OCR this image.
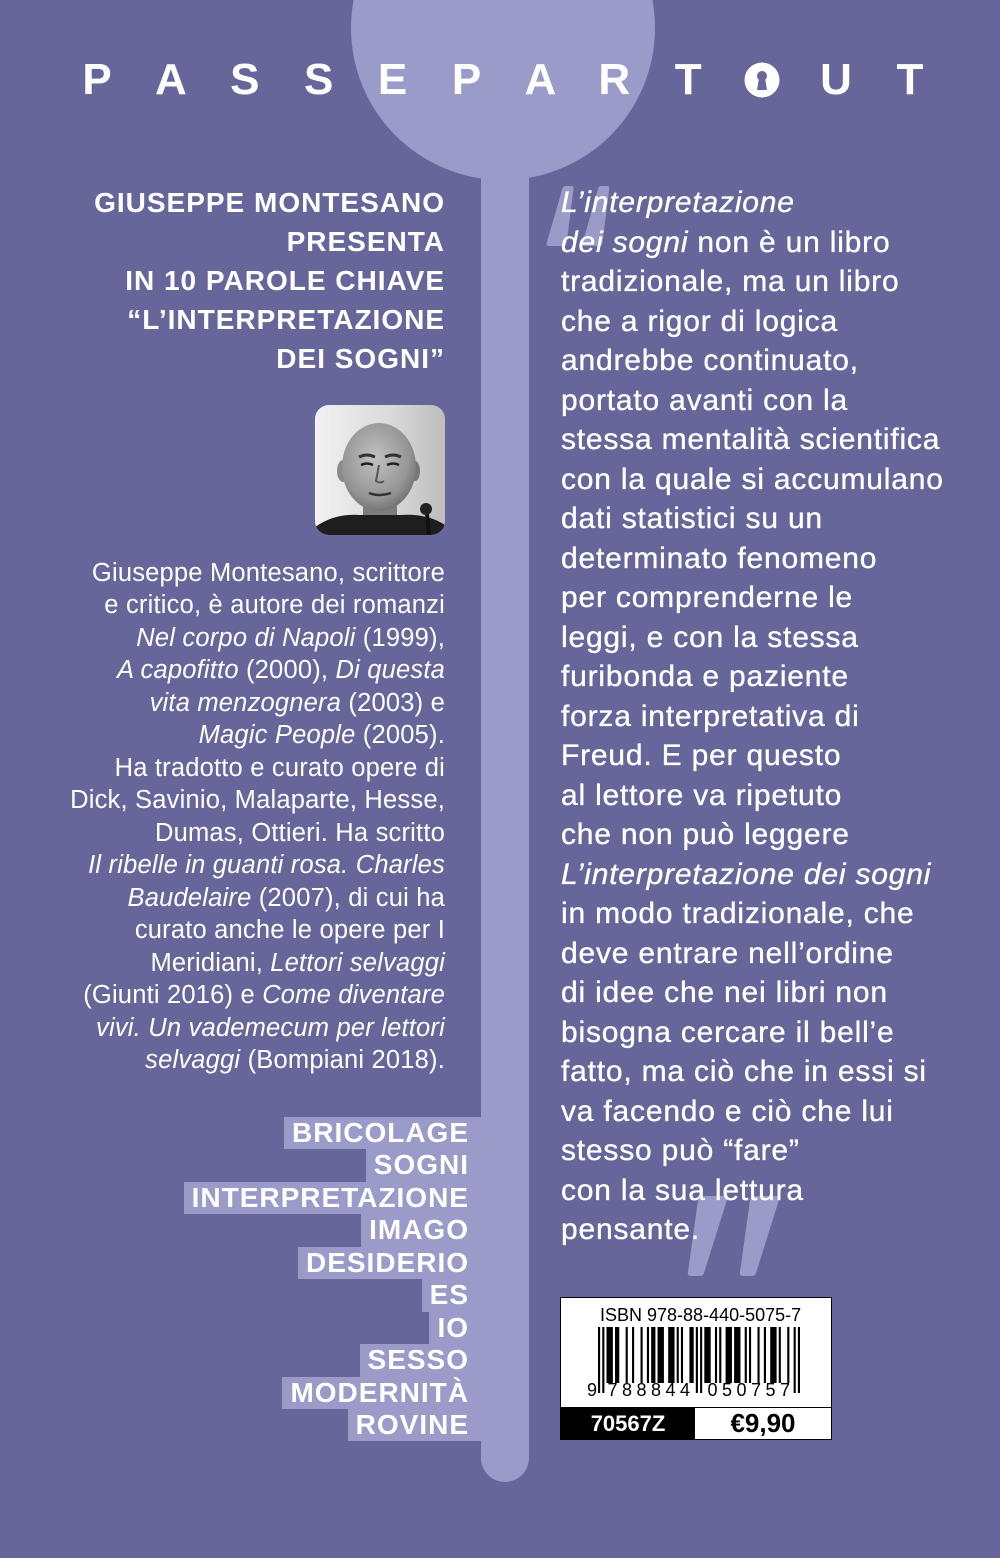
P A S	S	E	P A R	T	U	T
GIUSEPPE MONTESANO
PRESENTA
IN 10 PAROLE CHIAVE
“L’INTERPRETAZIONE
DEI SOGNI”
Giuseppe Montesano, scrittore
e critico, è autore dei romanzi
Nel corpo di Napoli (1999),
A capofitto (2000), Di questa
vita menzognera (2003) e
Magic People (2005).
Ha tradotto e curato opere di
Dick, Savinio, Malaparte, Hesse,
Dumas, Ottieri. Ha scritto
Il ribelle in guanti rosa. Charles
Baudelaire (2007), di cui ha
curato anche le opere per I
Meridiani, Lettori selvaggi
(Giunti 2016) e Come diventare
vivi. Un vademecum per lettori
selvaggi (Bompiani 2018).
BRICOLAGE
SOGNI
INTERPRETAZIONE
IMAGO
DESIDERIO
ES
IO
SESSO
MODERNITÀ
ROVINE
L’interpretazione
dei sogni non è un libro
tradizionale, ma un libro
che a rigor di logica
andrebbe continuato,
portato avanti con la
stessa mentalità scientifica
con la quale si accumulano
dati statistici su un
determinato fenomeno
per comprenderne le
leggi, e con la stessa
furibonda e paziente
forza interpretativa di
Freud. E per questo
al lettore va ripetuto
che non può leggere
L’interpretazione dei sogni
in modo tradizionale, che
deve entrare nell’ordine
di idee che nei libri non
bisogna cercare il bell’e
fatto, ma ciò che in essi si
va facendo e ciò che lui
stesso può “fare”
con la sua lettura
pensante.
ISBN 978-88-440-5075-7
9 788844 050757
70567Z	€9,90
